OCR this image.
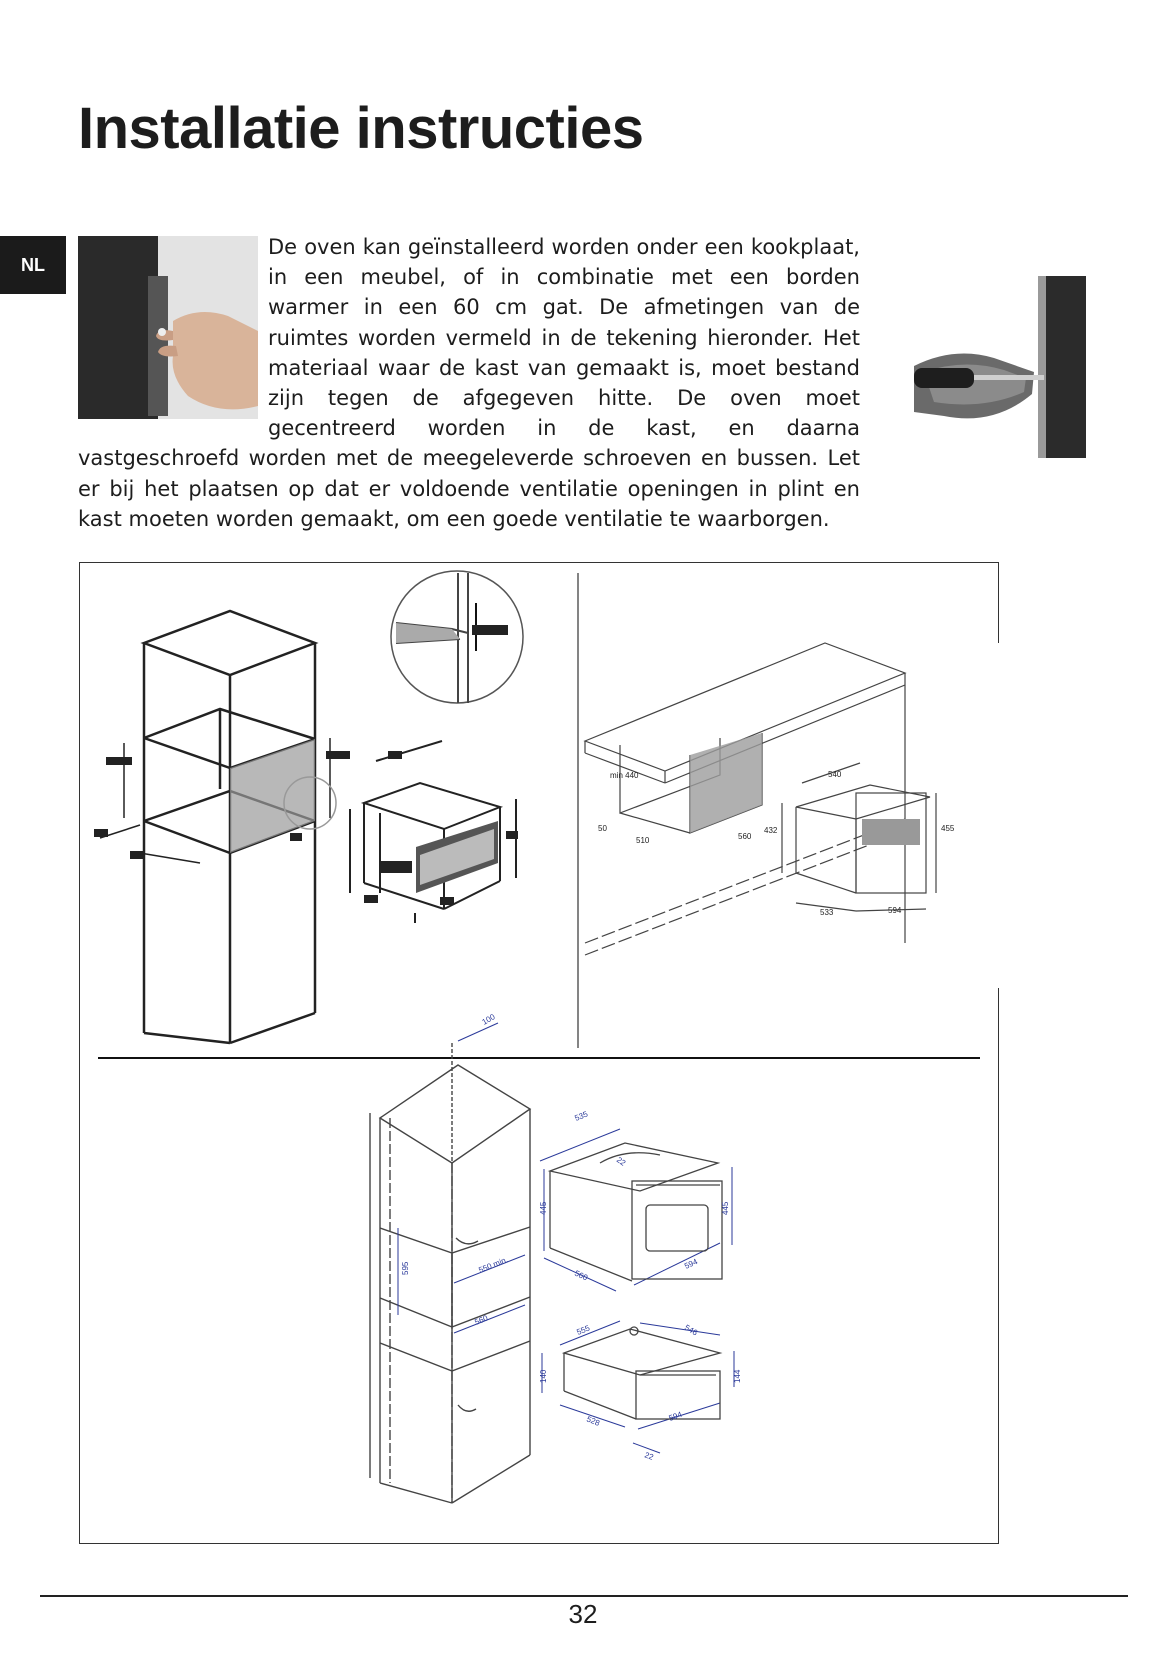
Installatie instructies
NL

De oven kan geïnstalleerd worden onder een kookplaat, in een meubel, of in combinatie met een borden warmer in een 60 cm gat. De afmetingen van de ruimtes worden vermeld in de tekening hieronder. Het materiaal waar de kast van gemaakt is, moet bestand zijn tegen de afgegeven hitte. De oven moet gecentreerd worden in de kast, en daarna vastgeschroefd worden met de meegeleverde schroeven en bussen. Let er bij het plaatsen op dat er voldoende ventilatie openingen in plint en kast moeten worden gemaakt, om een goede ventilatie te waarborgen.

min 440
50
510	560
540
432	455
533	594
100
595	550 min.
560
535
445	445
22
560
594
555	546
140	144
528	594
22
32
